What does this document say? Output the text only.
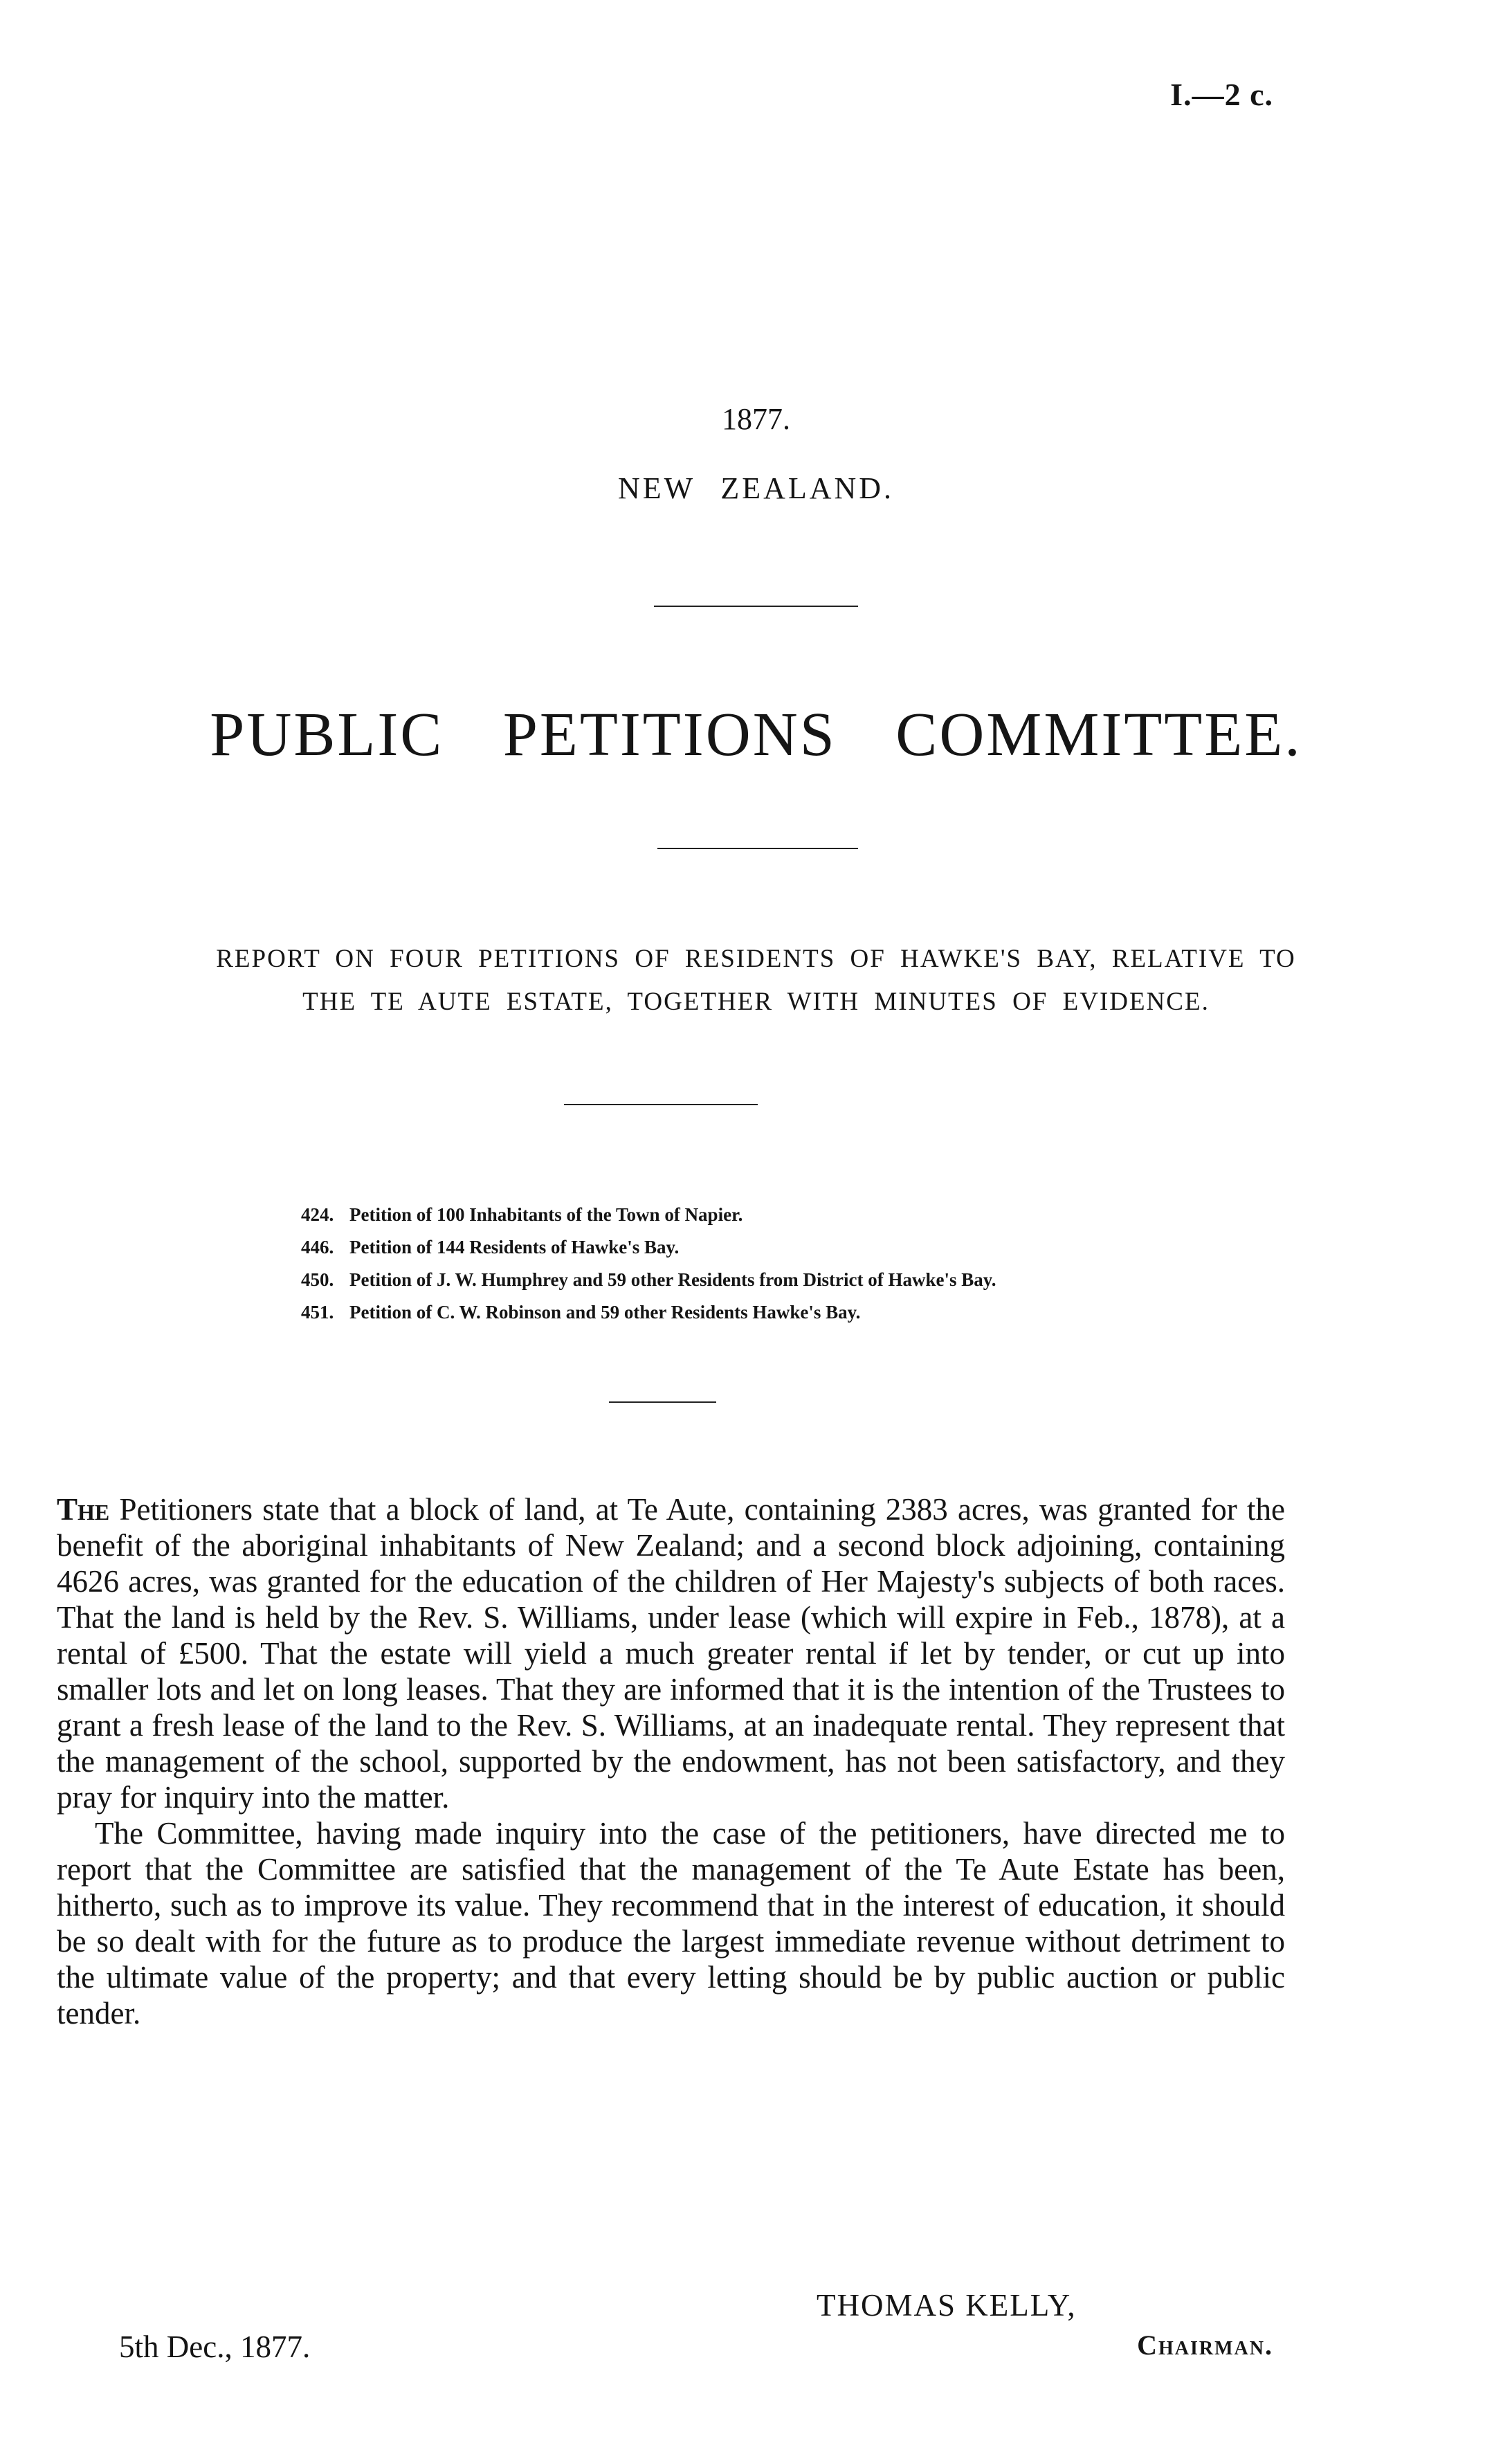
I.—2 c.
1877.
NEW ZEALAND.
PUBLIC PETITIONS COMMITTEE.
REPORT ON FOUR PETITIONS OF RESIDENTS OF HAWKE'S BAY, RELATIVE TO
THE TE AUTE ESTATE, TOGETHER WITH MINUTES OF EVIDENCE.
424. Petition of 100 Inhabitants of the Town of Napier.
446. Petition of 144 Residents of Hawke's Bay.
450. Petition of J. W. Humphrey and 59 other Residents from District of Hawke's Bay.
451. Petition of C. W. Robinson and 59 other Residents Hawke's Bay.

The Petitioners state that a block of land, at Te Aute, containing 2383 acres, was granted for the benefit of the aboriginal inhabitants of New Zealand; and a second block adjoining, containing 4626 acres, was granted for the education of the children of Her Majesty's subjects of both races. That the land is held by the Rev. S. Williams, under lease (which will expire in Feb., 1878), at a rental of £500. That the estate will yield a much greater rental if let by tender, or cut up into smaller lots and let on long leases. That they are informed that it is the intention of the Trustees to grant a fresh lease of the land to the Rev. S. Williams, at an inadequate rental. They represent that the management of the school, supported by the endowment, has not been satisfactory, and they pray for inquiry into the matter.

The Committee, having made inquiry into the case of the petitioners, have directed me to report that the Committee are satisfied that the management of the Te Aute Estate has been, hitherto, such as to improve its value. They recommend that in the interest of education, it should be so dealt with for the future as to produce the largest immediate revenue without detriment to the ultimate value of the property; and that every letting should be by public auction or public tender.

THOMAS KELLY,
5th Dec., 1877.	Chairman.
